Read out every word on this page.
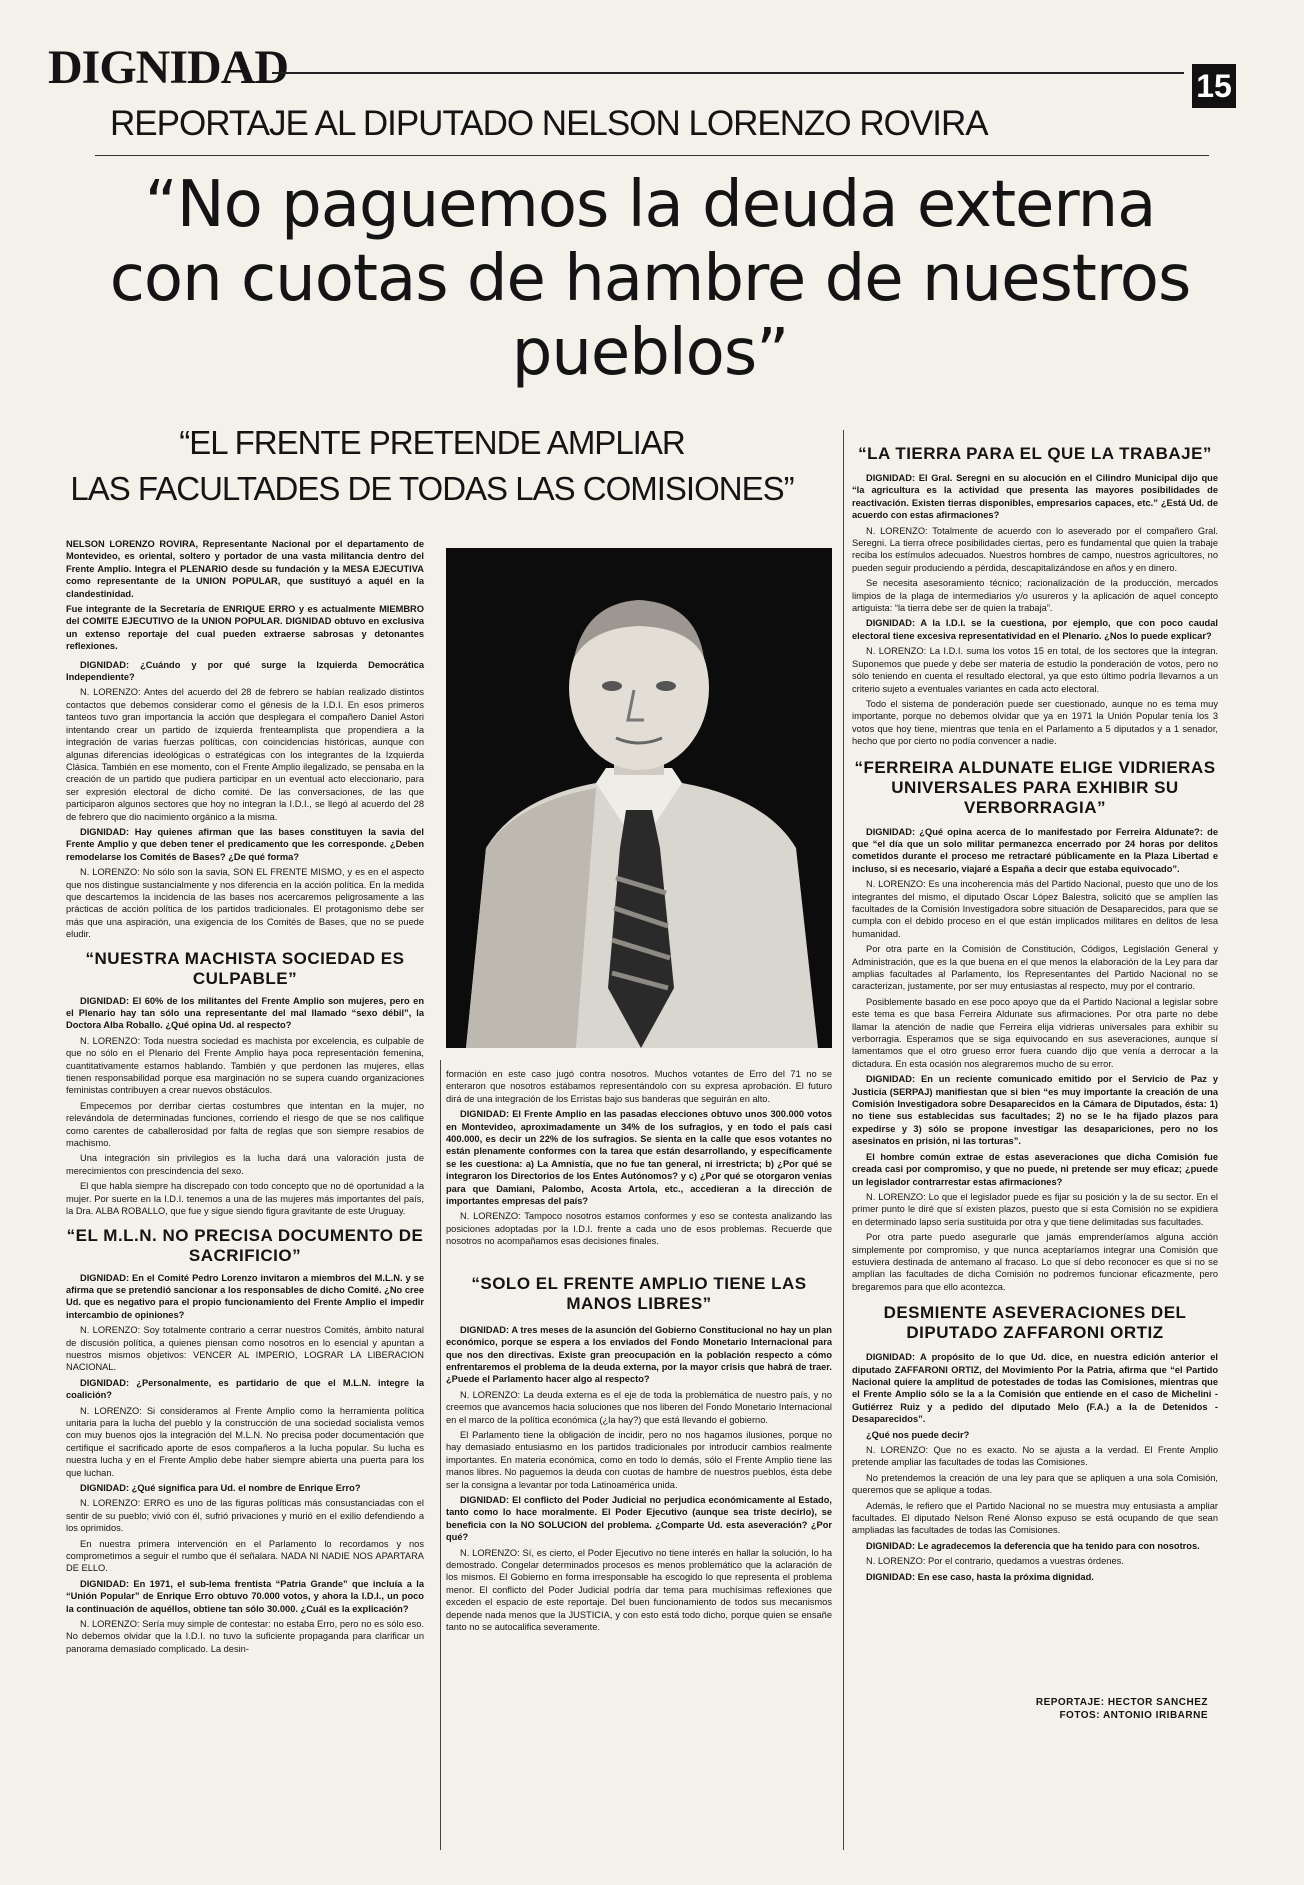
DIGNIDAD	15
REPORTAJE AL DIPUTADO NELSON LORENZO ROVIRA
“No paguemos la deuda externa con cuotas de hambre de nuestros pueblos”
“EL FRENTE PRETENDE AMPLIAR
LAS FACULTADES DE TODAS LAS COMISIONES”

NELSON LORENZO ROVIRA, Representante Nacional por el departamento de Montevideo, es oriental, soltero y portador de una vasta militancia dentro del Frente Amplio. Integra el PLENARIO desde su fundación y la MESA EJECUTIVA como representante de la UNION POPULAR, que sustituyó a aquél en la clandestinidad.

Fue integrante de la Secretaría de ENRIQUE ERRO y es actualmente MIEMBRO del COMITE EJECUTIVO de la UNION POPULAR. DIGNIDAD obtuvo en exclusiva un extenso reportaje del cual pueden extraerse sabrosas y detonantes reflexiones.

DIGNIDAD: ¿Cuándo y por qué surge la Izquierda Democrática Independiente?

N. LORENZO: Antes del acuerdo del 28 de febrero se habían realizado distintos contactos que debemos considerar como el génesis de la I.D.I. En esos primeros tanteos tuvo gran importancia la acción que desplegara el compañero Daniel Astori intentando crear un partido de izquierda frenteamplista que propendiera a la integración de varias fuerzas políticas, con coincidencias históricas, aunque con algunas diferencias ideológicas o estratégicas con los integrantes de la Izquierda Clásica. También en ese momento, con el Frente Amplio ilegalizado, se pensaba en la creación de un partido que pudiera participar en un eventual acto eleccionario, para ser expresión electoral de dicho comité. De las conversaciones, de las que participaron algunos sectores que hoy no integran la I.D.I., se llegó al acuerdo del 28 de febrero que dio nacimiento orgánico a la misma.

DIGNIDAD: Hay quienes afirman que las bases constituyen la savia del Frente Amplio y que deben tener el predicamento que les corresponde. ¿Deben remodelarse los Comités de Bases? ¿De qué forma?

N. LORENZO: No sólo son la savia, SON EL FRENTE MISMO, y es en el aspecto que nos distingue sustancialmente y nos diferencia en la acción política. En la medida que descartemos la incidencia de las bases nos acercaremos peligrosamente a las prácticas de acción política de los partidos tradicionales. El protagonismo debe ser más que una aspiración, una exigencia de los Comités de Bases, que no se puede eludir.

“NUESTRA MACHISTA SOCIEDAD ES CULPABLE”

DIGNIDAD: El 60% de los militantes del Frente Amplio son mujeres, pero en el Plenario hay tan sólo una representante del mal llamado “sexo débil”, la Doctora Alba Roballo. ¿Qué opina Ud. al respecto?

N. LORENZO: Toda nuestra sociedad es machista por excelencia, es culpable de que no sólo en el Plenario del Frente Amplio haya poca representación femenina, cuantitativamente estamos hablando. También y que perdonen las mujeres, ellas tienen responsabilidad porque esa marginación no se supera cuando organizaciones feministas contribuyen a crear nuevos obstáculos.

Empecemos por derribar ciertas costumbres que intentan en la mujer, no relevándola de determinadas funciones, corriendo el riesgo de que se nos califique como carentes de caballerosidad por falta de reglas que son siempre resabios de machismo.

Una integración sin privilegios es la lucha dará una valoración justa de merecimientos con prescindencia del sexo.

El que habla siempre ha discrepado con todo concepto que no dé oportunidad a la mujer. Por suerte en la I.D.I. tenemos a una de las mujeres más importantes del país, la Dra. ALBA ROBALLO, que fue y sigue siendo figura gravitante de este Uruguay.

“EL M.L.N. NO PRECISA DOCUMENTO DE SACRIFICIO”

DIGNIDAD: En el Comité Pedro Lorenzo invitaron a miembros del M.L.N. y se afirma que se pretendió sancionar a los responsables de dicho Comité. ¿No cree Ud. que es negativo para el propio funcionamiento del Frente Amplio el impedir intercambio de opiniones?

N. LORENZO: Soy totalmente contrario a cerrar nuestros Comités, ámbito natural de discusión política, a quienes piensan como nosotros en lo esencial y apuntan a nuestros mismos objetivos: VENCER AL IMPERIO, LOGRAR LA LIBERACION NACIONAL.

DIGNIDAD: ¿Personalmente, es partidario de que el M.L.N. integre la coalición?

N. LORENZO: Si consideramos al Frente Amplio como la herramienta política unitaria para la lucha del pueblo y la construcción de una sociedad socialista vemos con muy buenos ojos la integración del M.L.N. No precisa poder documentación que certifique el sacrificado aporte de esos compañeros a la lucha popular. Su lucha es nuestra lucha y en el Frente Amplio debe haber siempre abierta una puerta para los que luchan.

DIGNIDAD: ¿Qué significa para Ud. el nombre de Enrique Erro?

N. LORENZO: ERRO es uno de las figuras políticas más consustanciadas con el sentir de su pueblo; vivió con él, sufrió privaciones y murió en el exilio defendiendo a los oprimidos.

En nuestra primera intervención en el Parlamento lo recordamos y nos comprometimos a seguir el rumbo que él señalara. NADA NI NADIE NOS APARTARA DE ELLO.

DIGNIDAD: En 1971, el sub-lema frentista “Patria Grande” que incluía a la “Unión Popular” de Enrique Erro obtuvo 70.000 votos, y ahora la I.D.I., un poco la continuación de aquéllos, obtiene tan sólo 30.000. ¿Cuál es la explicación?

N. LORENZO: Sería muy simple de contestar: no estaba Erro, pero no es sólo eso. No debemos olvidar que la I.D.I. no tuvo la suficiente propaganda para clarificar un panorama demasiado complicado. La desin-

formación en este caso jugó contra nosotros. Muchos votantes de Erro del 71 no se enteraron que nosotros estábamos representándolo con su expresa aprobación. El futuro dirá de una integración de los Erristas bajo sus banderas que seguirán en alto.

DIGNIDAD: El Frente Amplio en las pasadas elecciones obtuvo unos 300.000 votos en Montevideo, aproximadamente un 34% de los sufragios, y en todo el país casi 400.000, es decir un 22% de los sufragios. Se sienta en la calle que esos votantes no están plenamente conformes con la tarea que están desarrollando, y específicamente se les cuestiona: a) La Amnistía, que no fue tan general, ni irrestricta; b) ¿Por qué se integraron los Directorios de los Entes Autónomos? y c) ¿Por qué se otorgaron venias para que Damiani, Palombo, Acosta Artola, etc., accedieran a la dirección de importantes empresas del país?

N. LORENZO: Tampoco nosotros estamos conformes y eso se contesta analizando las posiciones adoptadas por la I.D.I. frente a cada uno de esos problemas. Recuerde que nosotros no acompañamos esas decisiones finales.

“SOLO EL FRENTE AMPLIO TIENE LAS MANOS LIBRES”

DIGNIDAD: A tres meses de la asunción del Gobierno Constitucional no hay un plan económico, porque se espera a los enviados del Fondo Monetario Internacional para que nos den directivas. Existe gran preocupación en la población respecto a cómo enfrentaremos el problema de la deuda externa, por la mayor crisis que habrá de traer. ¿Puede el Parlamento hacer algo al respecto?

N. LORENZO: La deuda externa es el eje de toda la problemática de nuestro país, y no creemos que avancemos hacia soluciones que nos liberen del Fondo Monetario Internacional en el marco de la política económica (¿la hay?) que está llevando el gobierno.

El Parlamento tiene la obligación de incidir, pero no nos hagamos ilusiones, porque no hay demasiado entusiasmo en los partidos tradicionales por introducir cambios realmente importantes. En materia económica, como en todo lo demás, sólo el Frente Amplio tiene las manos libres. No paguemos la deuda con cuotas de hambre de nuestros pueblos, ésta debe ser la consigna a levantar por toda Latinoamérica unida.

DIGNIDAD: El conflicto del Poder Judicial no perjudica económicamente al Estado, tanto como lo hace moralmente. El Poder Ejecutivo (aunque sea triste decirlo), se beneficia con la NO SOLUCION del problema. ¿Comparte Ud. esta aseveración? ¿Por qué?

N. LORENZO: Sí, es cierto, el Poder Ejecutivo no tiene interés en hallar la solución, lo ha demostrado. Congelar determinados procesos es menos problemático que la aclaración de los mismos. El Gobierno en forma irresponsable ha escogido lo que representa el problema menor. El conflicto del Poder Judicial podría dar tema para muchísimas reflexiones que exceden el espacio de este reportaje. Del buen funcionamiento de todos sus mecanismos depende nada menos que la JUSTICIA, y con esto está todo dicho, porque quien se ensañe tanto no se autocalifica severamente.

“LA TIERRA PARA EL QUE LA TRABAJE”

DIGNIDAD: El Gral. Seregni en su alocución en el Cilindro Municipal dijo que “la agricultura es la actividad que presenta las mayores posibilidades de reactivación. Existen tierras disponibles, empresarios capaces, etc.” ¿Está Ud. de acuerdo con estas afirmaciones?

N. LORENZO: Totalmente de acuerdo con lo aseverado por el compañero Gral. Seregni. La tierra ofrece posibilidades ciertas, pero es fundamental que quien la trabaje reciba los estímulos adecuados. Nuestros hombres de campo, nuestros agricultores, no pueden seguir produciendo a pérdida, descapitalizándose en años y en dinero.

Se necesita asesoramiento técnico; racionalización de la producción, mercados limpios de la plaga de intermediarios y/o usureros y la aplicación de aquel concepto artiguista: “la tierra debe ser de quien la trabaja”.

DIGNIDAD: A la I.D.I. se la cuestiona, por ejemplo, que con poco caudal electoral tiene excesiva representatividad en el Plenario. ¿Nos lo puede explicar?

N. LORENZO: La I.D.I. suma los votos 15 en total, de los sectores que la integran. Suponemos que puede y debe ser materia de estudio la ponderación de votos, pero no sólo teniendo en cuenta el resultado electoral, ya que esto último podría llevarnos a un criterio sujeto a eventuales variantes en cada acto electoral.

Todo el sistema de ponderación puede ser cuestionado, aunque no es tema muy importante, porque no debemos olvidar que ya en 1971 la Unión Popular tenía los 3 votos que hoy tiene, mientras que tenía en el Parlamento a 5 diputados y a 1 senador, hecho que por cierto no podía convencer a nadie.

“FERREIRA ALDUNATE ELIGE VIDRIERAS UNIVERSALES PARA EXHIBIR SU VERBORRAGIA”

DIGNIDAD: ¿Qué opina acerca de lo manifestado por Ferreira Aldunate?: de que “el día que un solo militar permanezca encerrado por 24 horas por delitos cometidos durante el proceso me retractaré públicamente en la Plaza Libertad e incluso, si es necesario, viajaré a España a decir que estaba equivocado”.

N. LORENZO: Es una incoherencia más del Partido Nacional, puesto que uno de los integrantes del mismo, el diputado Oscar López Balestra, solicitó que se amplíen las facultades de la Comisión Investigadora sobre situación de Desaparecidos, para que se cumpla con el debido proceso en el que están implicados militares en delitos de lesa humanidad.

Por otra parte en la Comisión de Constitución, Códigos, Legislación General y Administración, que es la que buena en el que menos la elaboración de la Ley para dar amplias facultades al Parlamento, los Representantes del Partido Nacional no se caracterizan, justamente, por ser muy entusiastas al respecto, muy por el contrario.

Posiblemente basado en ese poco apoyo que da el Partido Nacional a legislar sobre este tema es que basa Ferreira Aldunate sus afirmaciones. Por otra parte no debe llamar la atención de nadie que Ferreira elija vidrieras universales para exhibir su verborragia. Esperamos que se siga equivocando en sus aseveraciones, aunque sí lamentamos que el otro grueso error fuera cuando dijo que venía a derrocar a la dictadura. En esta ocasión nos alegraremos mucho de su error.

DIGNIDAD: En un reciente comunicado emitido por el Servicio de Paz y Justicia (SERPAJ) manifiestan que si bien “es muy importante la creación de una Comisión Investigadora sobre Desaparecidos en la Cámara de Diputados, ésta: 1) no tiene sus establecidas sus facultades; 2) no se le ha fijado plazos para expedirse y 3) sólo se propone investigar las desapariciones, pero no los asesinatos en prisión, ni las torturas”.

El hombre común extrae de estas aseveraciones que dicha Comisión fue creada casi por compromiso, y que no puede, ni pretende ser muy eficaz; ¿puede un legislador contrarrestar estas afirmaciones?

N. LORENZO: Lo que el legislador puede es fijar su posición y la de su sector. En el primer punto le diré que sí existen plazos, puesto que si esta Comisión no se expidiera en determinado lapso sería sustituida por otra y que tiene delimitadas sus facultades.

Por otra parte puedo asegurarle que jamás emprenderíamos alguna acción simplemente por compromiso, y que nunca aceptaríamos integrar una Comisión que estuviera destinada de antemano al fracaso. Lo que sí debo reconocer es que si no se amplían las facultades de dicha Comisión no podremos funcionar eficazmente, pero bregaremos para que ello acontezca.

DESMIENTE ASEVERACIONES DEL DIPUTADO ZAFFARONI ORTIZ

DIGNIDAD: A propósito de lo que Ud. dice, en nuestra edición anterior el diputado ZAFFARONI ORTIZ, del Movimiento Por la Patria, afirma que “el Partido Nacional quiere la amplitud de potestades de todas las Comisiones, mientras que el Frente Amplio sólo se la a la Comisión que entiende en el caso de Michelini - Gutiérrez Ruiz y a pedido del diputado Melo (F.A.) a la de Detenidos - Desaparecidos”.

¿Qué nos puede decir?

N. LORENZO: Que no es exacto. No se ajusta a la verdad. El Frente Amplio pretende ampliar las facultades de todas las Comisiones.

No pretendemos la creación de una ley para que se apliquen a una sola Comisión, queremos que se aplique a todas.

Además, le refiero que el Partido Nacional no se muestra muy entusiasta a ampliar facultades. El diputado Nelson René Alonso expuso se está ocupando de que sean ampliadas las facultades de todas las Comisiones.

DIGNIDAD: Le agradecemos la deferencia que ha tenido para con nosotros.

N. LORENZO: Por el contrario, quedamos a vuestras órdenes.

DIGNIDAD: En ese caso, hasta la próxima dignidad.

REPORTAJE: HECTOR SANCHEZ
FOTOS: ANTONIO IRIBARNE
